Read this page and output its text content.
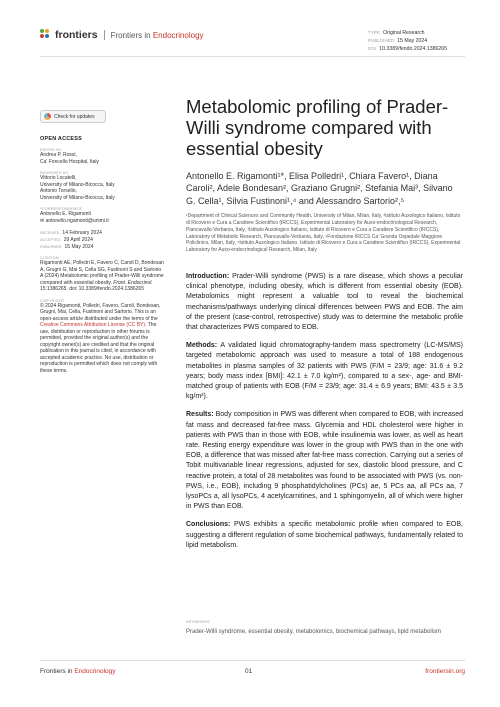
frontiers Frontiers in Endocrinology	TYPE Original Research
PUBLISHED 15 May 2024
DOI 10.3389/fendo.2024.1386265
Check for updates
OPEN ACCESS
EDITED BY
Andrea P. Rossi,
Ca' Foncello Hospital, Italy
REVIEWED BY
Vittorio Locatelli,
University of Milano-Bicocca, Italy
Antonio Torsello,
University of Milano-Bicocca, Italy
*CORRESPONDENCE
Antonello E. Rigamonti
✉ antonello.rigamonti@unimi.it
RECEIVED 14 February 2024
ACCEPTED 29 April 2024
PUBLISHED 15 May 2024
CITATION
Rigamonti AE, Polledri E, Favero C, Caroli D, Bondesan A, Grugni G, Mai S, Cella SG, Fustinoni S and Sartorio A (2024) Metabolomic profiling of Prader-Willi syndrome compared with essential obesity. Front. Endocrinol. 15:1386265. doi: 10.3389/fendo.2024.1386265
COPYRIGHT
© 2024 Rigamonti, Polledri, Favero, Caroli, Bondesan, Grugni, Mai, Cella, Fustinoni and Sartorio. This is an open-access article distributed under the terms of the Creative Commons Attribution License (CC BY). The use, distribution or reproduction in other forums is permitted, provided the original author(s) and the copyright owner(s) are credited and that the original publication in this journal is cited, in accordance with accepted academic practice. No use, distribution or reproduction is permitted which does not comply with these terms.
Metabolomic profiling of Prader-Willi syndrome compared with essential obesity
Antonello E. Rigamonti¹*, Elisa Polledri¹, Chiara Favero¹, Diana Caroli², Adele Bondesan², Graziano Grugni², Stefania Mai³, Silvano G. Cella¹, Silvia Fustinoni¹,⁴ and Alessandro Sartorio²,⁵
¹Department of Clinical Sciences and Community Health, University of Milan, Milan, Italy, ²Istituto Auxologico Italiano, Istituto di Ricovero e Cura a Carattere Scientifico (IRCCS), Experimental Laboratory for Auxo-endocrinological Research, Piancavallo-Verbania, Italy, ³Istituto Auxologico Italiano, Istituto di Ricovero e Cura a Carattere Scientifico (IRCCS), Laboratory of Metabolic Research, Piancavallo-Verbania, Italy, ⁴Fondazione IRCCS Ca' Granda Ospedale Maggiore Policlinico, Milan, Italy, ⁵Istituto Auxologico Italiano, Istituto di Ricovero e Cura a Carattere Scientifico (IRCCS), Experimental Laboratory for Auxo-endocrinological Research, Milan, Italy

Introduction: Prader-Willi syndrome (PWS) is a rare disease, which shows a peculiar clinical phenotype, including obesity, which is different from essential obesity (EOB). Metabolomics might represent a valuable tool to reveal the biochemical mechanisms/pathways underlying clinical differences between PWS and EOB. The aim of the present (case-control, retrospective) study was to determine the metabolic profile that characterizes PWS compared to EOB.

Methods: A validated liquid chromatography-tandem mass spectrometry (LC-MS/MS) targeted metabolomic approach was used to measure a total of 188 endogenous metabolites in plasma samples of 32 patients with PWS (F/M = 23/9; age: 31.6 ± 9.2 years; body mass index [BMI]: 42.1 ± 7.0 kg/m²), compared to a sex-, age- and BMI-matched group of patients with EOB (F/M = 23/9; age: 31.4 ± 6.9 years; BMI: 43.5 ± 3.5 kg/m²).

Results: Body composition in PWS was different when compared to EOB, with increased fat mass and decreased fat-free mass. Glycemia and HDL cholesterol were higher in patients with PWS than in those with EOB, while insulinemia was lower, as well as heart rate. Resting energy expenditure was lower in the group with PWS than in the one with EOB, a difference that was missed after fat-free mass correction. Carrying out a series of Tobit multivariable linear regressions, adjusted for sex, diastolic blood pressure, and C reactive protein, a total of 28 metabolites was found to be associated with PWS (vs. non-PWS, i.e., EOB), including 9 phosphatidylcholines (PCs) ae, 5 PCs aa, all PCs aa, 7 lysoPCs a, all lysoPCs, 4 acetylcarnitines, and 1 sphingomyelin, all of which were higher in PWS than EOB.

Conclusions: PWS exhibits a specific metabolomic profile when compared to EOB, suggesting a different regulation of some biochemical pathways, fundamentally related to lipid metabolism.

KEYWORDS
Prader-Willi syndrome, essential obesity, metabolomics, biochemical pathways, lipid metabolism
Frontiers in Endocrinology	01	frontiersin.org
